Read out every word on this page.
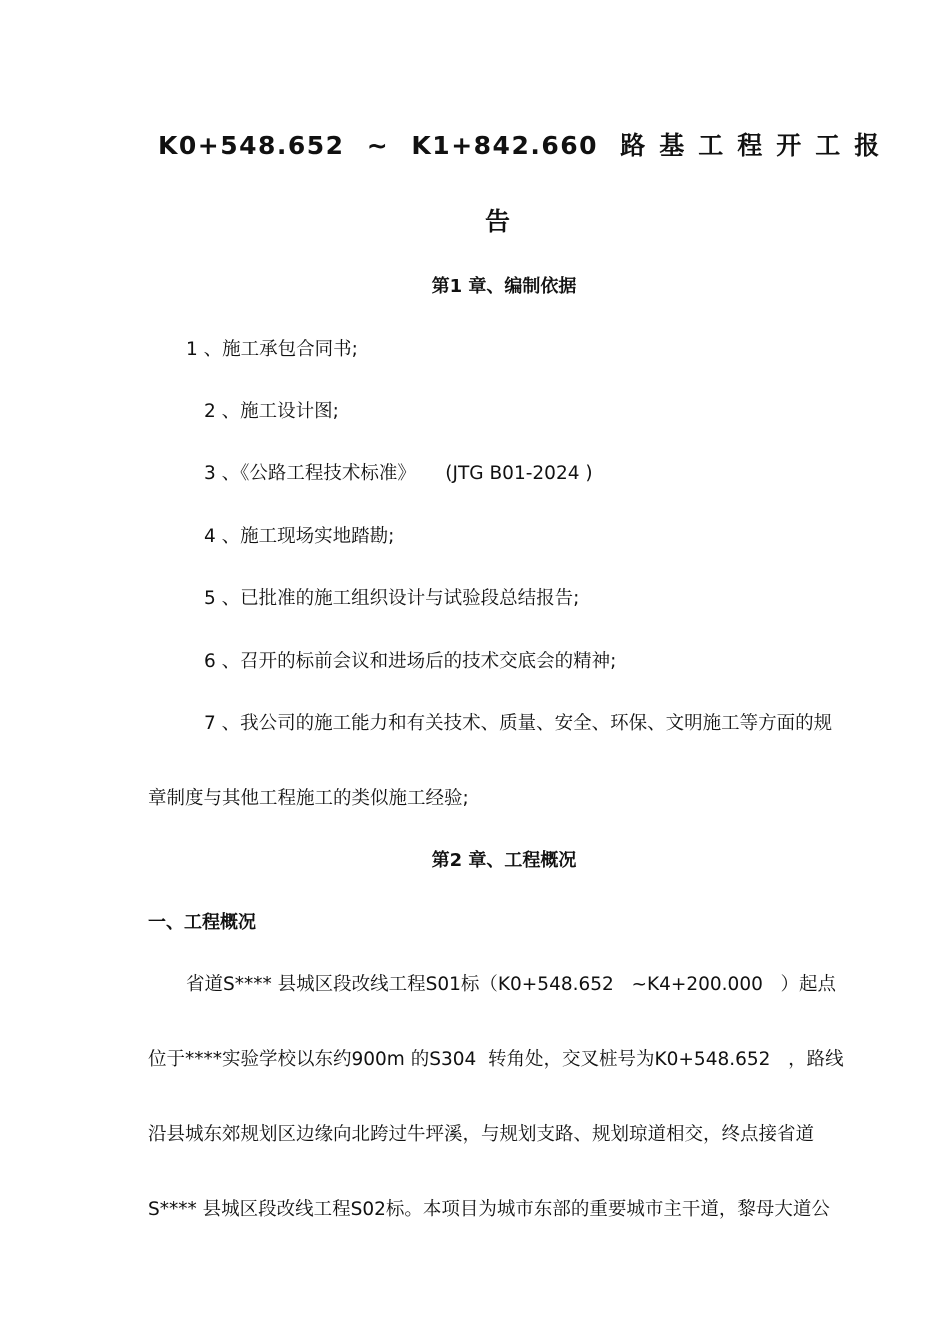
K0+548.652 ~ K1+842.660 路基工程开工报
告
第1 章、编制依据
1 、施工承包合同书;
2 、施工设计图;
3 、《公路工程技术标准》     (JTG B01-2024 )
4 、施工现场实地踏勘;
5 、已批准的施工组织设计与试验段总结报告;
6 、召开的标前会议和进场后的技术交底会的精神;
7 、我公司的施工能力和有关技术、质量、安全、环保、文明施工等方面的规
章制度与其他工程施工的类似施工经验;
第2 章、工程概况
一、工程概况
省道S**** 县城区段改线工程S01标（K0+548.652   ~K4+200.000   ）起点
位于****实验学校以东约900m 的S304  转角处，交叉桩号为K0+548.652   ，路线
沿县城东郊规划区边缘向北跨过牛坪溪，与规划支路、规划琼道相交，终点接省道
S**** 县城区段改线工程S02标。本项目为城市东部的重要城市主干道，黎母大道公
